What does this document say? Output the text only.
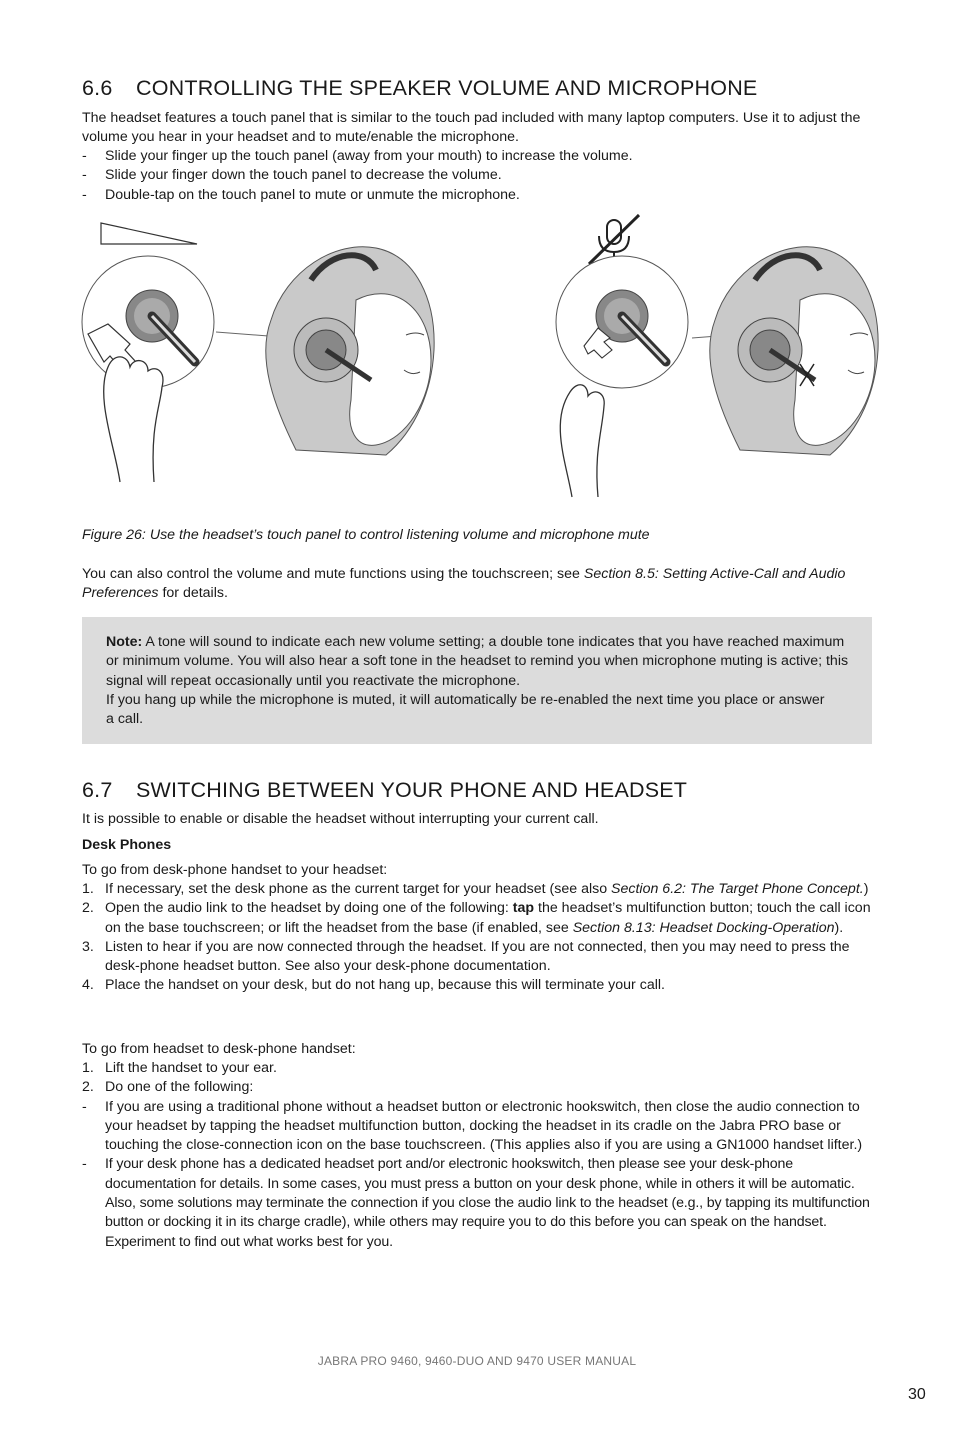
6.6 CONTROLLING THE SPEAKER VOLUME AND MICROPHONE

The headset features a touch panel that is similar to the touch pad included with many laptop computers. Use it to adjust the volume you hear in your headset and to mute/enable the microphone.

- Slide your finger up the touch panel (away from your mouth) to increase the volume.
- Slide your finger down the touch panel to decrease the volume.
- Double-tap on the touch panel to mute or unmute the microphone.

Figure 26: Use the headset’s touch panel to control listening volume and microphone mute

You can also control the volume and mute functions using the touchscreen; see Section 8.5: Setting Active-Call and Audio Preferences for details.

Note: A tone will sound to indicate each new volume setting; a double tone indicates that you have reached maximum or minimum volume. You will also hear a soft tone in the headset to remind you when microphone muting is active; this signal will repeat occasionally until you reactivate the microphone.

If you hang up while the microphone is muted, it will automatically be re-enabled the next time you place or answer a call.

6.7 SWITCHING BETWEEN YOUR PHONE AND HEADSET

It is possible to enable or disable the headset without interrupting your current call.

Desk Phones

To go from desk-phone handset to your headset:

1. If necessary, set the desk phone as the current target for your headset (see also Section 6.2: The Target Phone Concept.)
2. Open the audio link to the headset by doing one of the following: tap the headset’s multifunction button; touch the call icon on the base touchscreen; or lift the headset from the base (if enabled, see Section 8.13: Headset Docking-Operation).
3. Listen to hear if you are now connected through the headset. If you are not connected, then you may need to press the desk-phone headset button. See also your desk-phone documentation.
4. Place the handset on your desk, but do not hang up, because this will terminate your call.

To go from headset to desk-phone handset:

1. Lift the handset to your ear.
2. Do one of the following:
- If you are using a traditional phone without a headset button or electronic hookswitch, then close the audio connection to your headset by tapping the headset multifunction button, docking the headset in its cradle on the Jabra PRO base or touching the close-connection icon on the base touchscreen. (This applies also if you are using a GN1000 handset lifter.)
- If your desk phone has a dedicated headset port and/or electronic hookswitch, then please see your desk-phone documentation for details. In some cases, you must press a button on your desk phone, while in others it will be automatic. Also, some solutions may terminate the connection if you close the audio link to the headset (e.g., by tapping its multifunction button or docking it in its charge cradle), while others may require you to do this before you can speak on the handset. Experiment to find out what works best for you.
JABRA PRO 9460, 9460-DUO AND 9470 USER MANUAL
30
